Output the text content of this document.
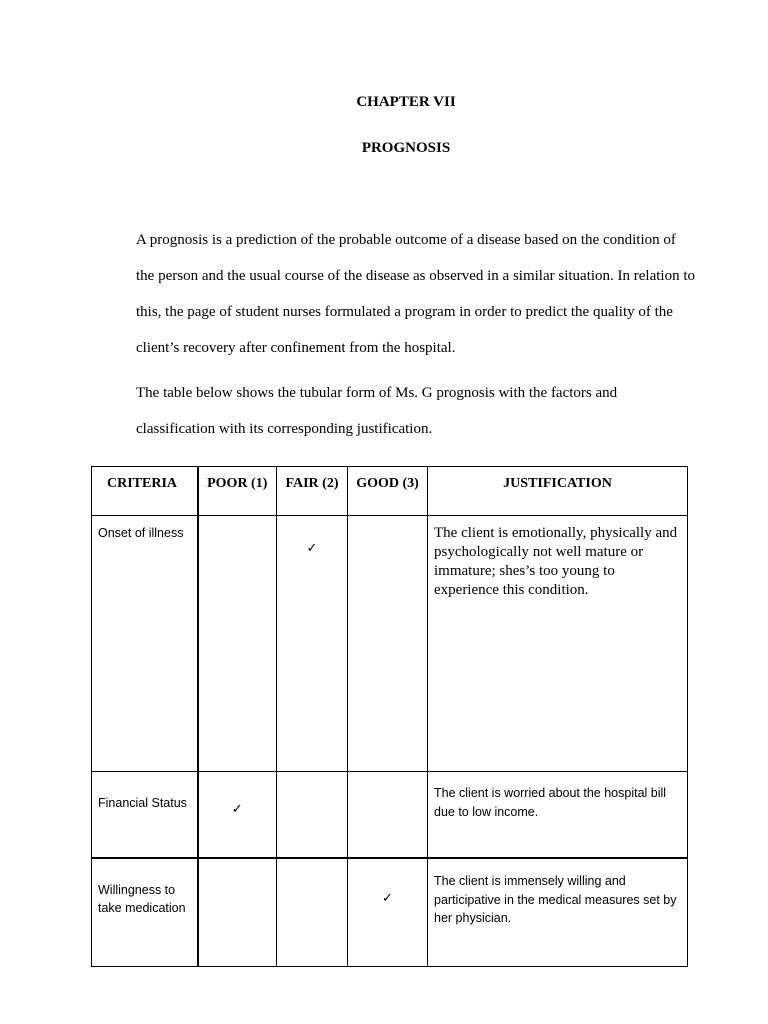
CHAPTER VII
PROGNOSIS

A prognosis is a prediction of the probable outcome of a disease based on the condition of the person and the usual course of the disease as observed in a similar situation. In relation to this, the page of student nurses formulated a program in order to predict the quality of the client’s recovery after confinement from the hospital.

The table below shows the tubular form of Ms. G prognosis with the factors and classification with its corresponding justification.

CRITERIA	POOR (1)	FAIR (2)	GOOD (3)	JUSTIFICATION
Onset of illness		✓		The client is emotionally, physically and psychologically not well mature or immature; shes’s too young to experience this condition.
Financial Status	✓			The client is worried about the hospital bill due to low income.
Willingness to take medication			✓	The client is immensely willing and participative in the medical measures set by her physician.
